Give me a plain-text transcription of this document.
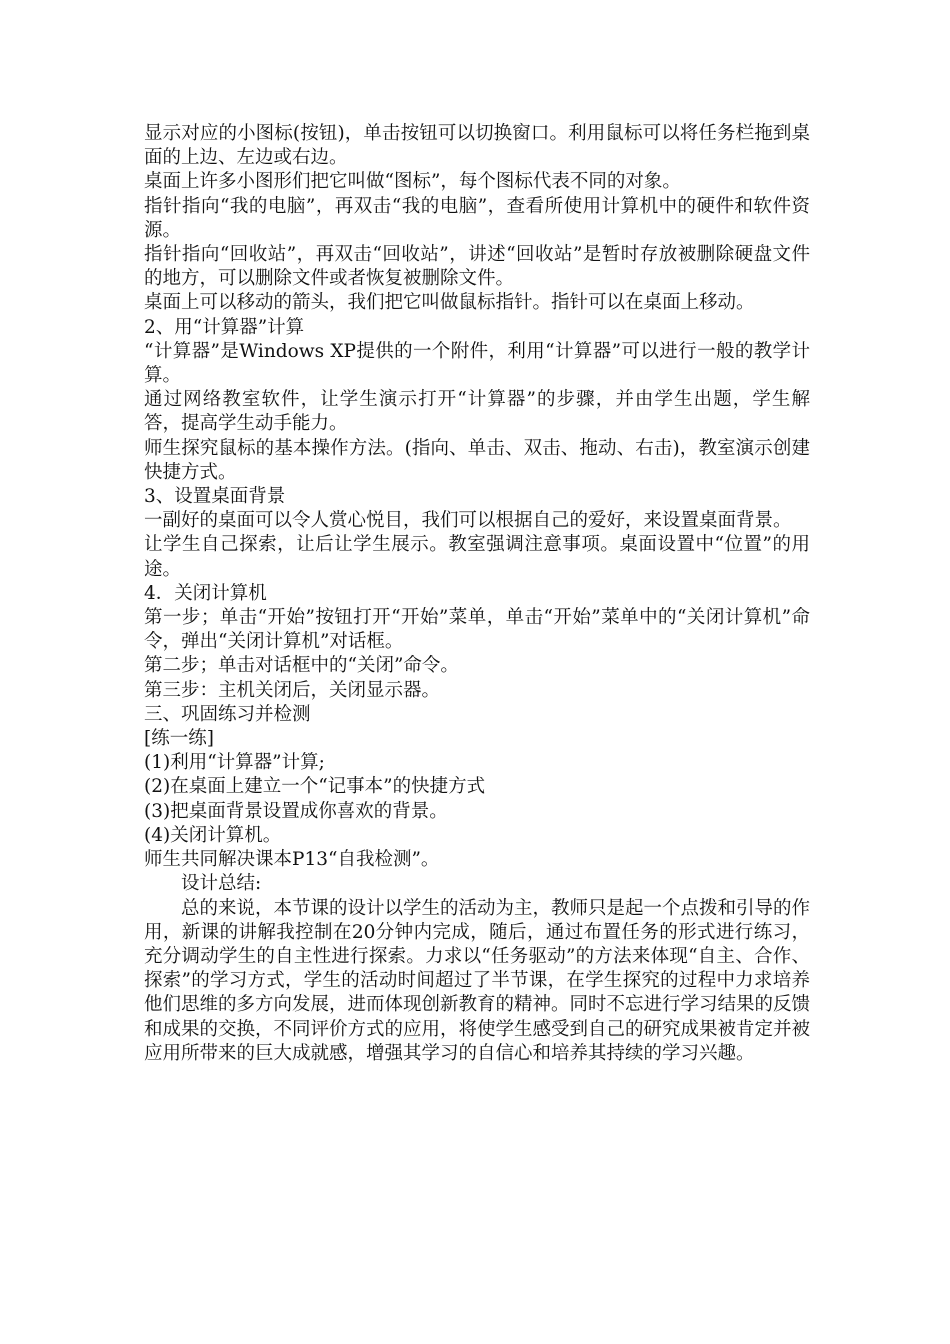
显示对应的小图标(按钮)，单击按钮可以切换窗口。利用鼠标可以将任务栏拖到桌面的上边、左边或右边。

桌面上许多小图形们把它叫做“图标”，每个图标代表不同的对象。

指针指向“我的电脑”，再双击“我的电脑”，查看所使用计算机中的硬件和软件资源。

指针指向“回收站”，再双击“回收站”，讲述“回收站”是暂时存放被删除硬盘文件的地方，可以删除文件或者恢复被删除文件。

桌面上可以移动的箭头，我们把它叫做鼠标指针。指针可以在桌面上移动。

2、用“计算器”计算

“计算器”是Windows XP提供的一个附件，利用“计算器”可以进行一般的教学计算。

通过网络教室软件，让学生演示打开“计算器”的步骤，并由学生出题，学生解答，提高学生动手能力。

师生探究鼠标的基本操作方法。(指向、单击、双击、拖动、右击)，教室演示创建快捷方式。

3、设置桌面背景

一副好的桌面可以令人赏心悦目，我们可以根据自己的爱好，来设置桌面背景。

让学生自己探索，让后让学生展示。教室强调注意事项。桌面设置中“位置”的用途。

4．关闭计算机

第一步；单击“开始”按钮打开“开始”菜单，单击“开始”菜单中的“关闭计算机”命令，弹出“关闭计算机”对话框。

第二步；单击对话框中的“关闭”命令。

第三步：主机关闭后，关闭显示器。

三、巩固练习并检测

[练一练]

(1)利用“计算器”计算;

(2)在桌面上建立一个“记事本”的快捷方式

(3)把桌面背景设置成你喜欢的背景。

(4)关闭计算机。

师生共同解决课本P13“自我检测”。

设计总结:

总的来说，本节课的设计以学生的活动为主，教师只是起一个点拨和引导的作用，新课的讲解我控制在20分钟内完成，随后，通过布置任务的形式进行练习，充分调动学生的自主性进行探索。力求以“任务驱动”的方法来体现“自主、合作、探索”的学习方式，学生的活动时间超过了半节课，在学生探究的过程中力求培养他们思维的多方向发展，进而体现创新教育的精神。同时不忘进行学习结果的反馈和成果的交换，不同评价方式的应用，将使学生感受到自己的研究成果被肯定并被应用所带来的巨大成就感，增强其学习的自信心和培养其持续的学习兴趣。
